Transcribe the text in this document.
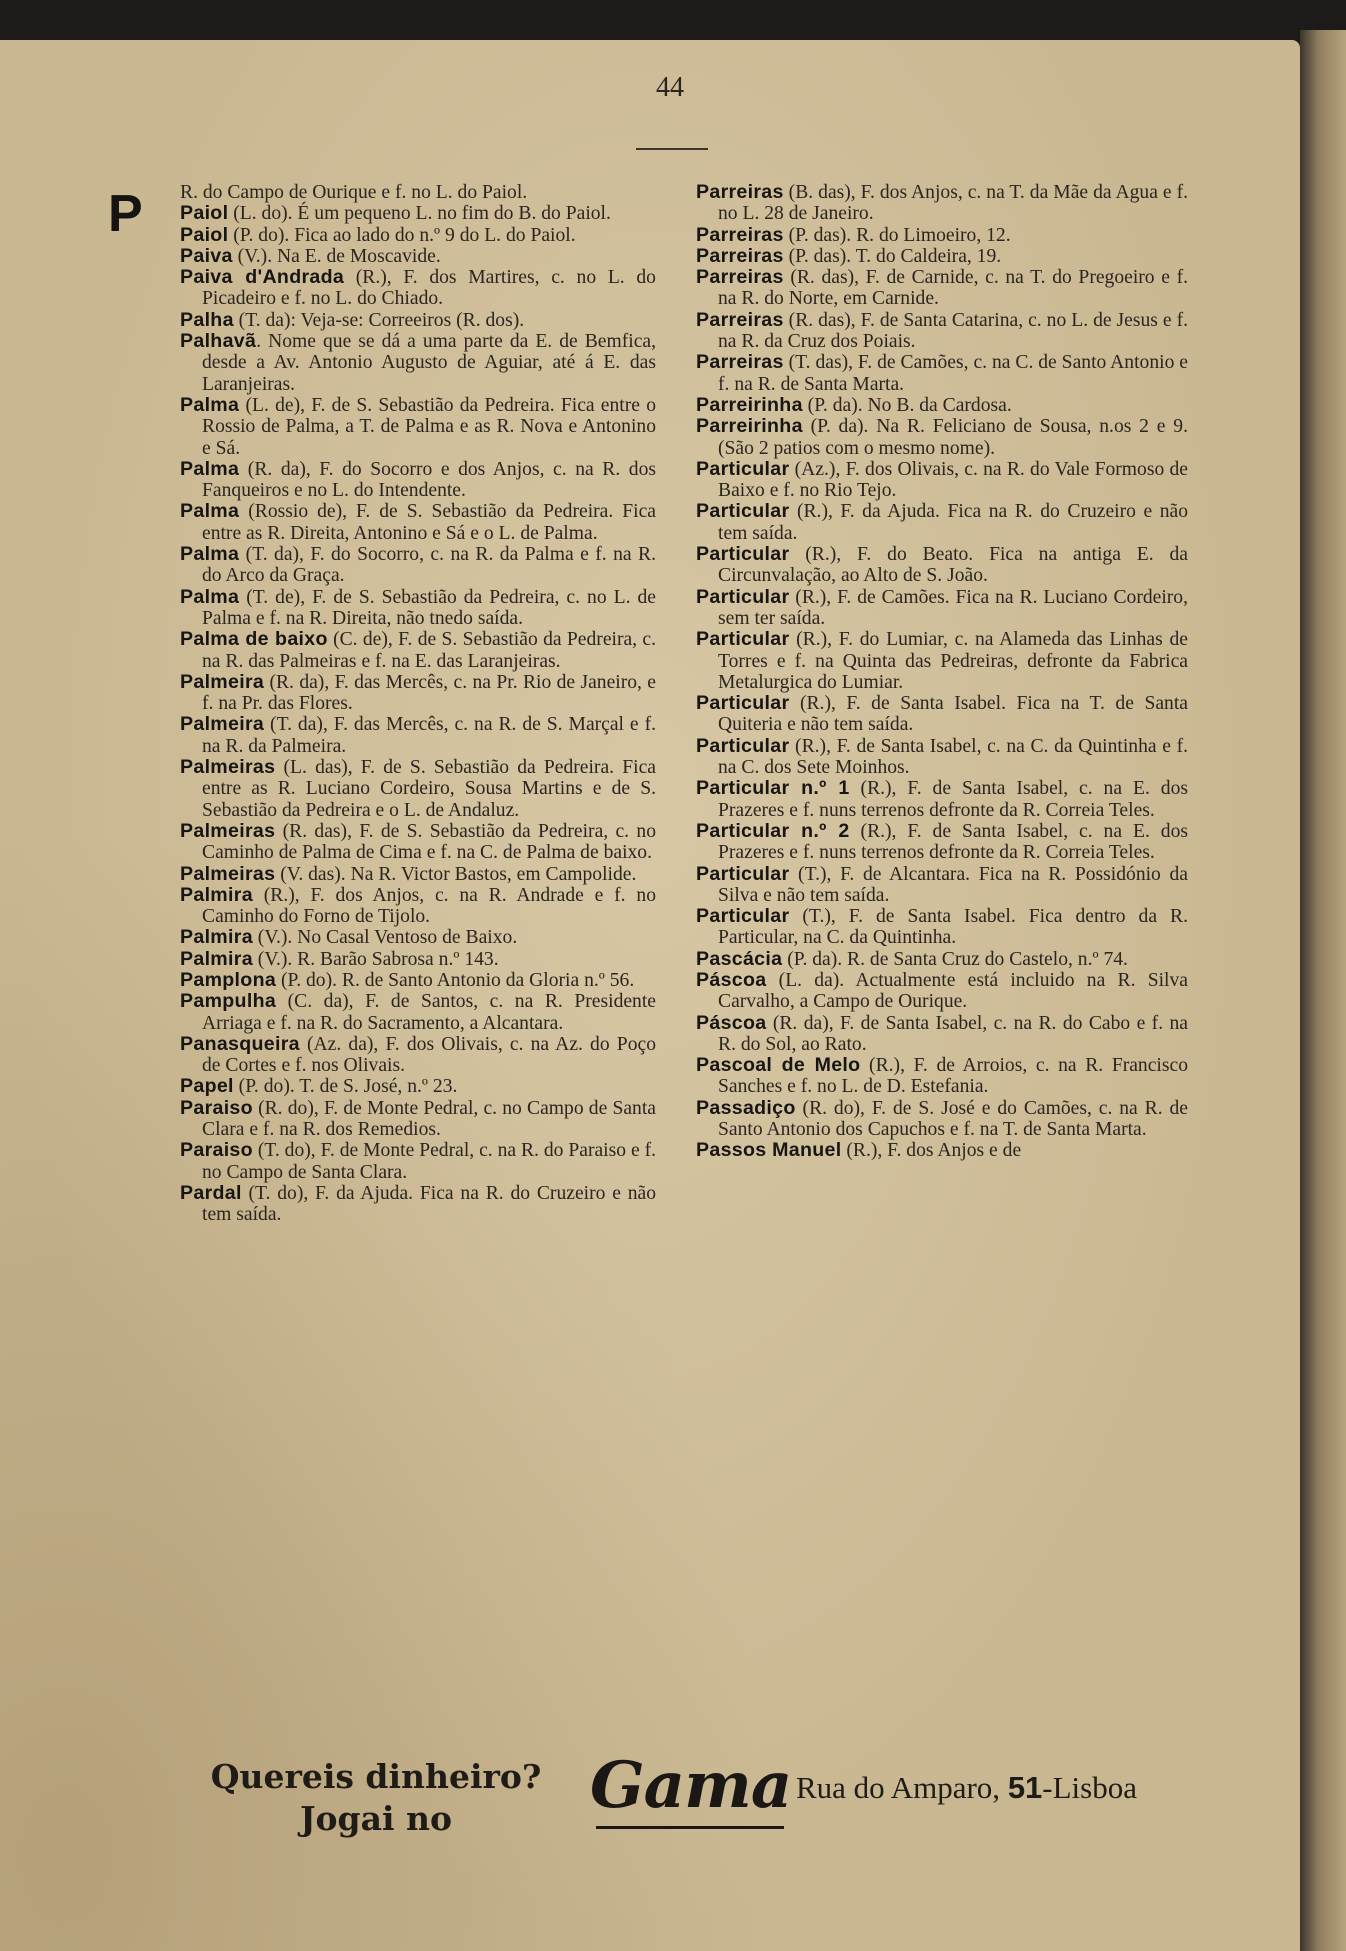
44
P R. do Campo de Ourique e f. no L. do Paiol.
Paiol (L. do). É um pequeno L. no fim do B. do Paiol.
Paiol (P. do). Fica ao lado do n.º 9 do L. do Paiol.
Paiva (V.). Na E. de Moscavide.
Paiva d'Andrada (R.), F. dos Martires, c. no L. do Picadeiro e f. no L. do Chiado.
Palha (T. da): Veja-se: Correeiros (R. dos).
Palhavã. Nome que se dá a uma parte da E. de Bemfica, desde a Av. Antonio Augusto de Aguiar, até á E. das Laranjeiras.
Palma (L. de), F. de S. Sebastião da Pedreira. Fica entre o Rossio de Palma, a T. de Palma e as R. Nova e Antonino e Sá.
Palma (R. da), F. do Socorro e dos Anjos, c. na R. dos Fanqueiros e no L. do Intendente.
Palma (Rossio de), F. de S. Sebastião da Pedreira. Fica entre as R. Direita, Antonino e Sá e o L. de Palma.
Palma (T. da), F. do Socorro, c. na R. da Palma e f. na R. do Arco da Graça.
Palma (T. de), F. de S. Sebastião da Pedreira, c. no L. de Palma e f. na R. Direita, não tnedo saída.
Palma de baixo (C. de), F. de S. Sebastião da Pedreira, c. na R. das Palmeiras e f. na E. das Laranjeiras.
Palmeira (R. da), F. das Mercês, c. na Pr. Rio de Janeiro, e f. na Pr. das Flores.
Palmeira (T. da), F. das Mercês, c. na R. de S. Marçal e f. na R. da Palmeira.
Palmeiras (L. das), F. de S. Sebastião da Pedreira. Fica entre as R. Luciano Cordeiro, Sousa Martins e de S. Sebastião da Pedreira e o L. de Andaluz.
Palmeiras (R. das), F. de S. Sebastião da Pedreira, c. no Caminho de Palma de Cima e f. na C. de Palma de baixo.
Palmeiras (V. das). Na R. Victor Bastos, em Campolide.
Palmira (R.), F. dos Anjos, c. na R. Andrade e f. no Caminho do Forno de Tijolo.
Palmira (V.). No Casal Ventoso de Baixo.
Palmira (V.). R. Barão Sabrosa n.º 143.
Pamplona (P. do). R. de Santo Antonio da Gloria n.º 56.
Pampulha (C. da), F. de Santos, c. na R. Presidente Arriaga e f. na R. do Sacramento, a Alcantara.
Panasqueira (Az. da), F. dos Olivais, c. na Az. do Poço de Cortes e f. nos Olivais.
Papel (P. do). T. de S. José, n.º 23.
Paraiso (R. do), F. de Monte Pedral, c. no Campo de Santa Clara e f. na R. dos Remedios.
Paraiso (T. do), F. de Monte Pedral, c. na R. do Paraiso e f. no Campo de Santa Clara.
Pardal (T. do), F. da Ajuda. Fica na R. do Cruzeiro e não tem saída.
Parreiras (B. das), F. dos Anjos, c. na T. da Mãe da Agua e f. no L. 28 de Janeiro.
Parreiras (P. das). R. do Limoeiro, 12.
Parreiras (P. das). T. do Caldeira, 19.
Parreiras (R. das), F. de Carnide, c. na T. do Pregoeiro e f. na R. do Norte, em Carnide.
Parreiras (R. das), F. de Santa Catarina, c. no L. de Jesus e f. na R. da Cruz dos Poiais.
Parreiras (T. das), F. de Camões, c. na C. de Santo Antonio e f. na R. de Santa Marta.
Parreirinha (P. da). No B. da Cardosa.
Parreirinha (P. da). Na R. Feliciano de Sousa, n.os 2 e 9. (São 2 patios com o mesmo nome).
Particular (Az.), F. dos Olivais, c. na R. do Vale Formoso de Baixo e f. no Rio Tejo.
Particular (R.), F. da Ajuda. Fica na R. do Cruzeiro e não tem saída.
Particular (R.), F. do Beato. Fica na antiga E. da Circunvalação, ao Alto de S. João.
Particular (R.), F. de Camões. Fica na R. Luciano Cordeiro, sem ter saída.
Particular (R.), F. do Lumiar, c. na Alameda das Linhas de Torres e f. na Quinta das Pedreiras, defronte da Fabrica Metalurgica do Lumiar.
Particular (R.), F. de Santa Isabel. Fica na T. de Santa Quiteria e não tem saída.
Particular (R.), F. de Santa Isabel, c. na C. da Quintinha e f. na C. dos Sete Moinhos.
Particular n.º 1 (R.), F. de Santa Isabel, c. na E. dos Prazeres e f. nuns terrenos defronte da R. Correia Teles.
Particular n.º 2 (R.), F. de Santa Isabel, c. na E. dos Prazeres e f. nuns terrenos defronte da R. Correia Teles.
Particular (T.), F. de Alcantara. Fica na R. Possidónio da Silva e não tem saída.
Particular (T.), F. de Santa Isabel. Fica dentro da R. Particular, na C. da Quintinha.
Pascácia (P. da). R. de Santa Cruz do Castelo, n.º 74.
Páscoa (L. da). Actualmente está incluido na R. Silva Carvalho, a Campo de Ourique.
Páscoa (R. da), F. de Santa Isabel, c. na R. do Cabo e f. na R. do Sol, ao Rato.
Pascoal de Melo (R.), F. de Arroios, c. na R. Francisco Sanches e f. no L. de D. Estefania.
Passadiço (R. do), F. de S. José e do Camões, c. na R. de Santo Antonio dos Capuchos e f. na T. de Santa Marta.
Passos Manuel (R.), F. dos Anjos e de
Quereis dinheiro?
Jogai no	Gama Rua do Amparo, 51-Lisboa
